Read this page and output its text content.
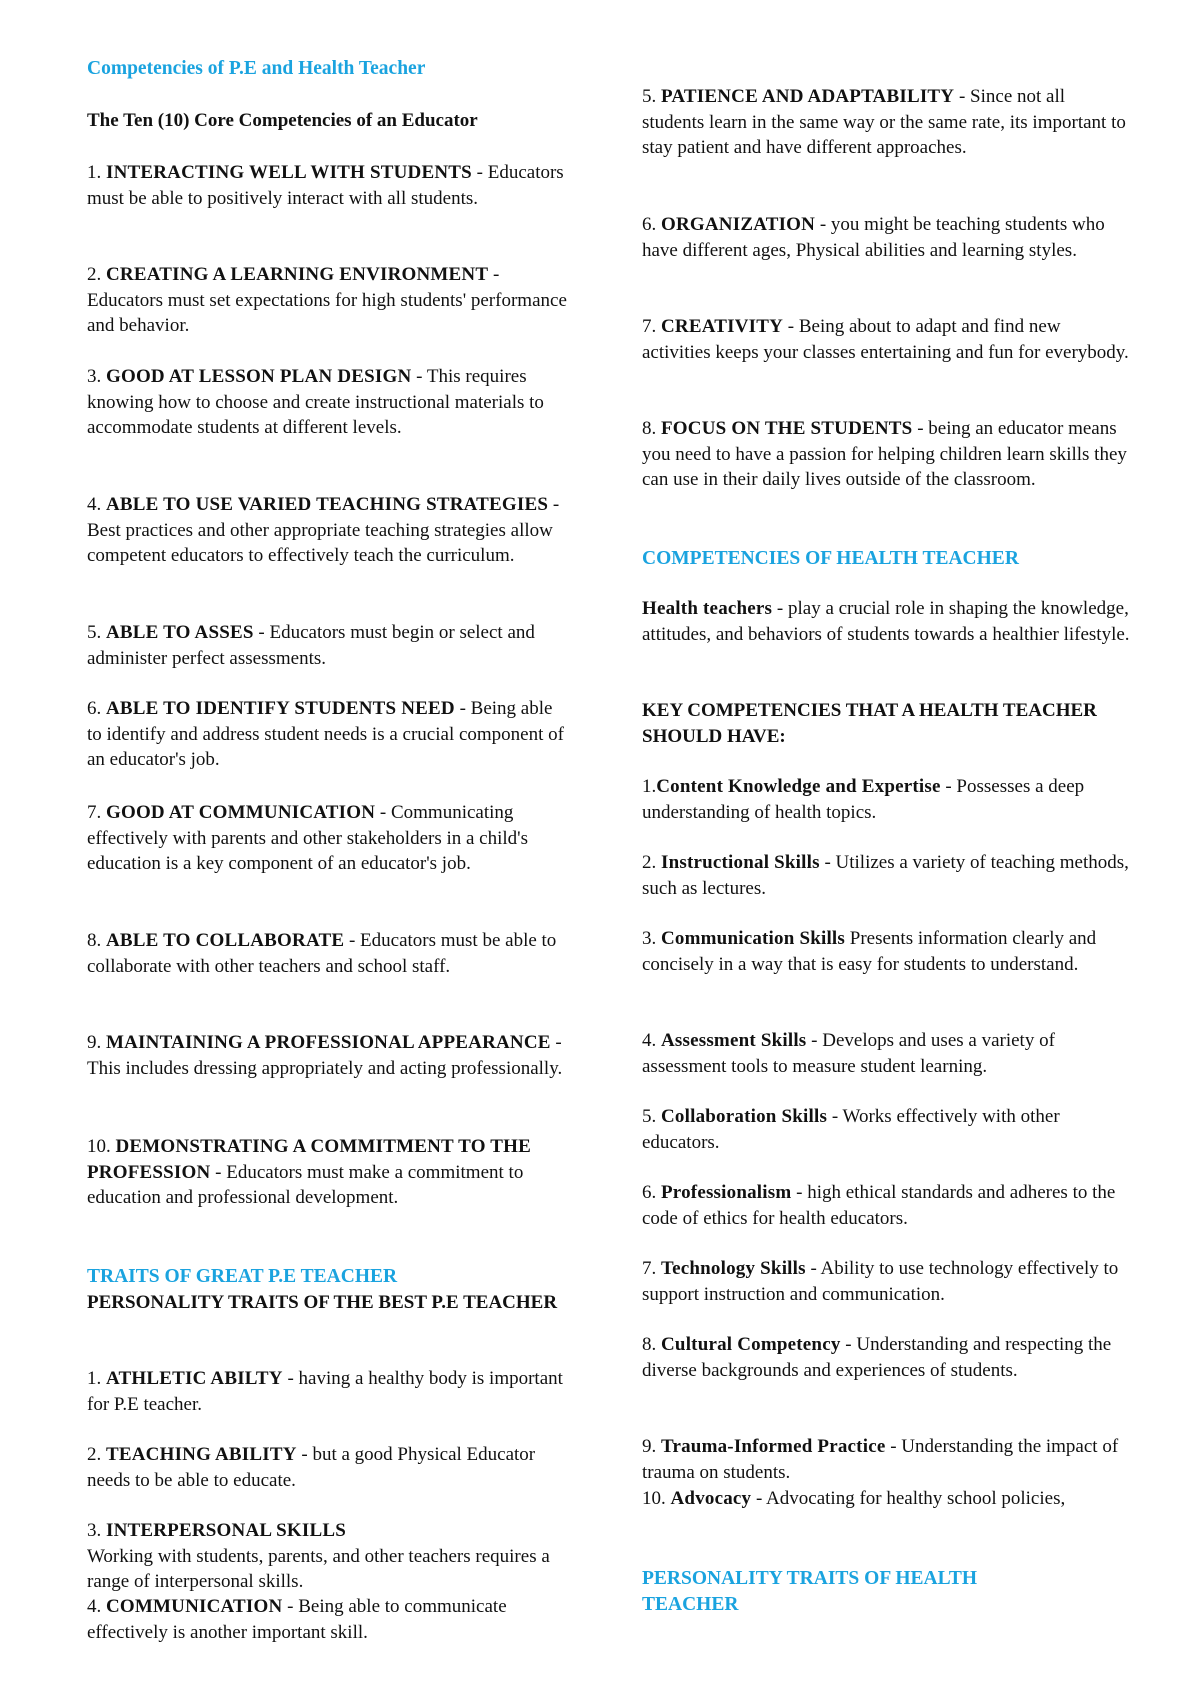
Competencies of P.E and Health Teacher

The Ten (10) Core Competencies of an Educator

1. INTERACTING WELL WITH STUDENTS - Educators must be able to positively interact with all students.

2. CREATING A LEARNING ENVIRONMENT - Educators must set expectations for high students' performance and behavior.

3. GOOD AT LESSON PLAN DESIGN - This requires knowing how to choose and create instructional materials to accommodate students at different levels.

4. ABLE TO USE VARIED TEACHING STRATEGIES - Best practices and other appropriate teaching strategies allow competent educators to effectively teach the curriculum.

5. ABLE TO ASSES - Educators must begin or select and administer perfect assessments.

6. ABLE TO IDENTIFY STUDENTS NEED - Being able to identify and address student needs is a crucial component of an educator's job.

7. GOOD AT COMMUNICATION - Communicating effectively with parents and other stakeholders in a child's education is a key component of an educator's job.

8. ABLE TO COLLABORATE - Educators must be able to collaborate with other teachers and school staff.

9. MAINTAINING A PROFESSIONAL APPEARANCE - This includes dressing appropriately and acting professionally.

10. DEMONSTRATING A COMMITMENT TO THE PROFESSION - Educators must make a commitment to education and professional development.

TRAITS OF GREAT P.E TEACHER

PERSONALITY TRAITS OF THE BEST P.E TEACHER

1. ATHLETIC ABILTY - having a healthy body is important for P.E teacher.

2. TEACHING ABILITY - but a good Physical Educator needs to be able to educate.

3. INTERPERSONAL SKILLS
Working with students, parents, and other teachers requires a range of interpersonal skills.

4. COMMUNICATION - Being able to communicate effectively is another important skill.

5. PATIENCE AND ADAPTABILITY - Since not all students learn in the same way or the same rate, its important to stay patient and have different approaches.

6. ORGANIZATION - you might be teaching students who have different ages, Physical abilities and learning styles.

7. CREATIVITY - Being about to adapt and find new activities keeps your classes entertaining and fun for everybody.

8. FOCUS ON THE STUDENTS - being an educator means you need to have a passion for helping children learn skills they can use in their daily lives outside of the classroom.

COMPETENCIES OF HEALTH TEACHER

Health teachers - play a crucial role in shaping the knowledge, attitudes, and behaviors of students towards a healthier lifestyle.

KEY COMPETENCIES THAT A HEALTH TEACHER SHOULD HAVE:

1.Content Knowledge and Expertise - Possesses a deep understanding of health topics.

2. Instructional Skills - Utilizes a variety of teaching methods, such as lectures.

3. Communication Skills Presents information clearly and concisely in a way that is easy for students to understand.

4. Assessment Skills - Develops and uses a variety of assessment tools to measure student learning.

5. Collaboration Skills - Works effectively with other educators.

6. Professionalism - high ethical standards and adheres to the code of ethics for health educators.

7. Technology Skills - Ability to use technology effectively to support instruction and communication.

8. Cultural Competency - Understanding and respecting the diverse backgrounds and experiences of students.

9. Trauma-Informed Practice - Understanding the impact of trauma on students.

10. Advocacy - Advocating for healthy school policies,

PERSONALITY TRAITS OF HEALTH TEACHER
